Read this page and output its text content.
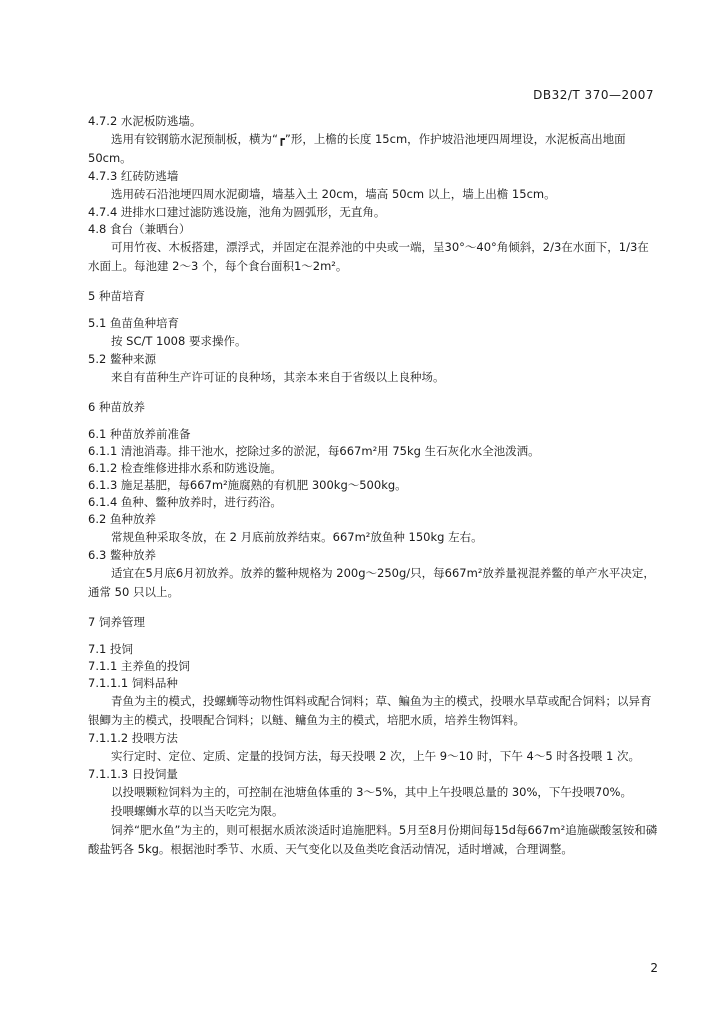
DB32/T 370—2007
4.7.2 水泥板防逃墙。
选用有铰钢筋水泥预制板，横为“┏”形，上檐的长度 15cm，作护坡沿池埂四周埋设，水泥板高出地面 50cm。
4.7.3 红砖防逃墙
选用砖石沿池埂四周水泥砌墙，墙基入土 20cm，墙高 50cm 以上，墙上出檐 15cm。
4.7.4 进排水口建过滤防逃设施，池角为圆弧形，无直角。
4.8 食台（兼晒台）
可用竹夜、木板搭建，漂浮式，并固定在混养池的中央或一端，呈30°～40°角倾斜，2/3在水面下，1/3在水面上。每池建 2～3 个，每个食台面积1～2m²。
5 种苗培育
5.1 鱼苗鱼种培育
按 SC/T 1008 要求操作。
5.2 鳖种来源
来自有苗种生产许可证的良种场，其亲本来自于省级以上良种场。
6 种苗放养
6.1 种苗放养前准备
6.1.1 清池消毒。排干池水，挖除过多的淤泥，每667m²用 75kg 生石灰化水全池泼洒。
6.1.2 检查维修进排水系和防逃设施。
6.1.3 施足基肥，每667m²施腐熟的有机肥 300kg～500kg。
6.1.4 鱼种、鳖种放养时，进行药浴。
6.2 鱼种放养
常规鱼种采取冬放，在 2 月底前放养结束。667m²放鱼种 150kg 左右。
6.3 鳖种放养
适宜在5月底6月初放养。放养的鳖种规格为 200g～250g/只，每667m²放养量视混养鳖的单产水平决定，通常 50 只以上。
7 饲养管理
7.1 投饲
7.1.1 主养鱼的投饲
7.1.1.1 饲料品种
青鱼为主的模式，投螺蛳等动物性饵料或配合饲料；草、鳊鱼为主的模式，投喂水旱草或配合饲料；以异育银鲫为主的模式，投喂配合饲料；以鲢、鳙鱼为主的模式，培肥水质，培养生物饵料。
7.1.1.2 投喂方法
实行定时、定位、定质、定量的投饲方法，每天投喂 2 次，上午 9～10 时，下午 4～5 时各投喂 1 次。
7.1.1.3 日投饲量
以投喂颗粒饲料为主的，可控制在池塘鱼体重的 3～5%，其中上午投喂总量的 30%，下午投喂70%。
投喂螺蛳水草的以当天吃完为限。
饲养“肥水鱼”为主的，则可根据水质浓淡适时追施肥料。5月至8月份期间每15d每667m²追施碳酸氢铵和磷酸盐钙各 5kg。根据池时季节、水质、天气变化以及鱼类吃食活动情况，适时增减，合理调整。
2
